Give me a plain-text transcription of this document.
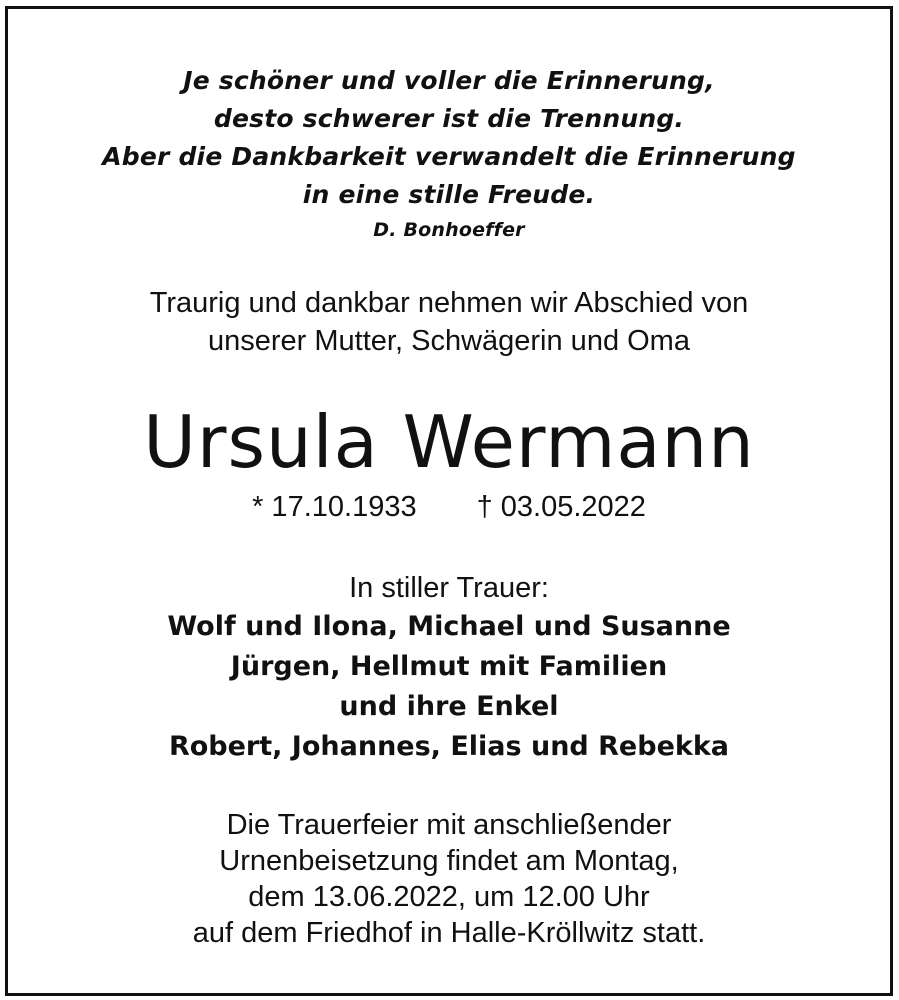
Je schöner und voller die Erinnerung,
desto schwerer ist die Trennung.
Aber die Dankbarkeit verwandelt die Erinnerung
in eine stille Freude.
D. Bonhoeffer
Traurig und dankbar nehmen wir Abschied von
unserer Mutter, Schwägerin und Oma
Ursula Wermann
* 17.10.1933 † 03.05.2022
In stiller Trauer:
Wolf und Ilona, Michael und Susanne
Jürgen, Hellmut mit Familien
und ihre Enkel
Robert, Johannes, Elias und Rebekka
Die Trauerfeier mit anschließender
Urnenbeisetzung findet am Montag,
dem 13.06.2022, um 12.00 Uhr
auf dem Friedhof in Halle-Kröllwitz statt.
